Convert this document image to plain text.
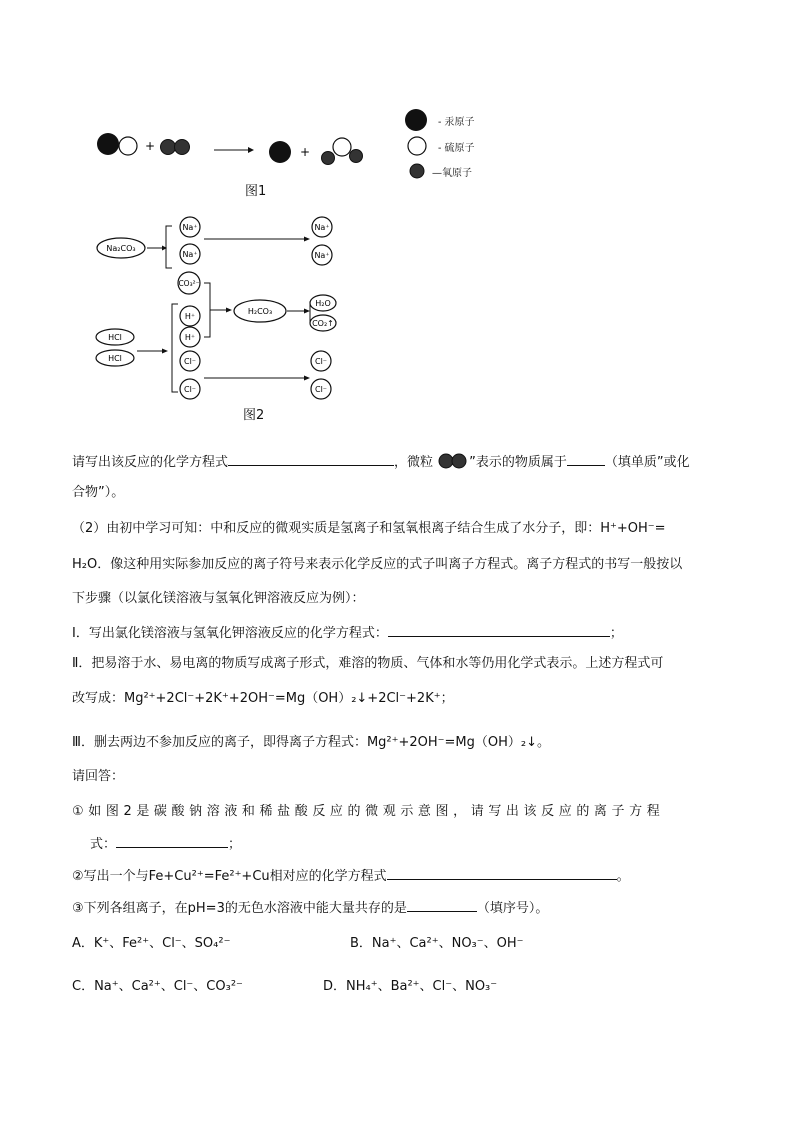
+	+
- 汞原子
- 硫原子
—氧原子
图1
Na₂CO₃
Na⁺
Na⁺
CO₃²⁻
Na⁺
Na⁺
HCl
HCl
H⁺
H⁺
Cl⁻
Cl⁻
H₂CO₃
H₂O
CO₂↑
Cl⁻
Cl⁻
图2
请写出该反应的化学方程式	，微粒	”表示的物质属于	（填单质”或化
合物”）。
（2）由初中学习可知：中和反应的微观实质是氢离子和氢氧根离子结合生成了水分子，即：H⁺+OH⁻=
H₂O．像这种用实际参加反应的离子符号来表示化学反应的式子叫离子方程式。离子方程式的书写一般按以
下步骤（以氯化镁溶液与氢氧化钾溶液反应为例）：
I．写出氯化镁溶液与氢氧化钾溶液反应的化学方程式：	；
Ⅱ．把易溶于水、易电离的物质写成离子形式，难溶的物质、气体和水等仍用化学式表示。上述方程式可
改写成：Mg²⁺+2Cl⁻+2K⁺+2OH⁻=Mg（OH）₂↓+2Cl⁻+2K⁺；
Ⅲ．删去两边不参加反应的离子，即得离子方程式：Mg²⁺+2OH⁻=Mg（OH）₂↓。
请回答：
①如图2是碳酸钠溶液和稀盐酸反应的微观示意图，请写出该反应的离子方程
式：	；
②写出一个与Fe+Cu²⁺=Fe²⁺+Cu相对应的化学方程式	。
③下列各组离子，在pH=3的无色水溶液中能大量共存的是	（填序号）。
A．K⁺、Fe²⁺、Cl⁻、SO₄²⁻	B．Na⁺、Ca²⁺、NO₃⁻、OH⁻
C．Na⁺、Ca²⁺、Cl⁻、CO₃²⁻	D．NH₄⁺、Ba²⁺、Cl⁻、NO₃⁻
